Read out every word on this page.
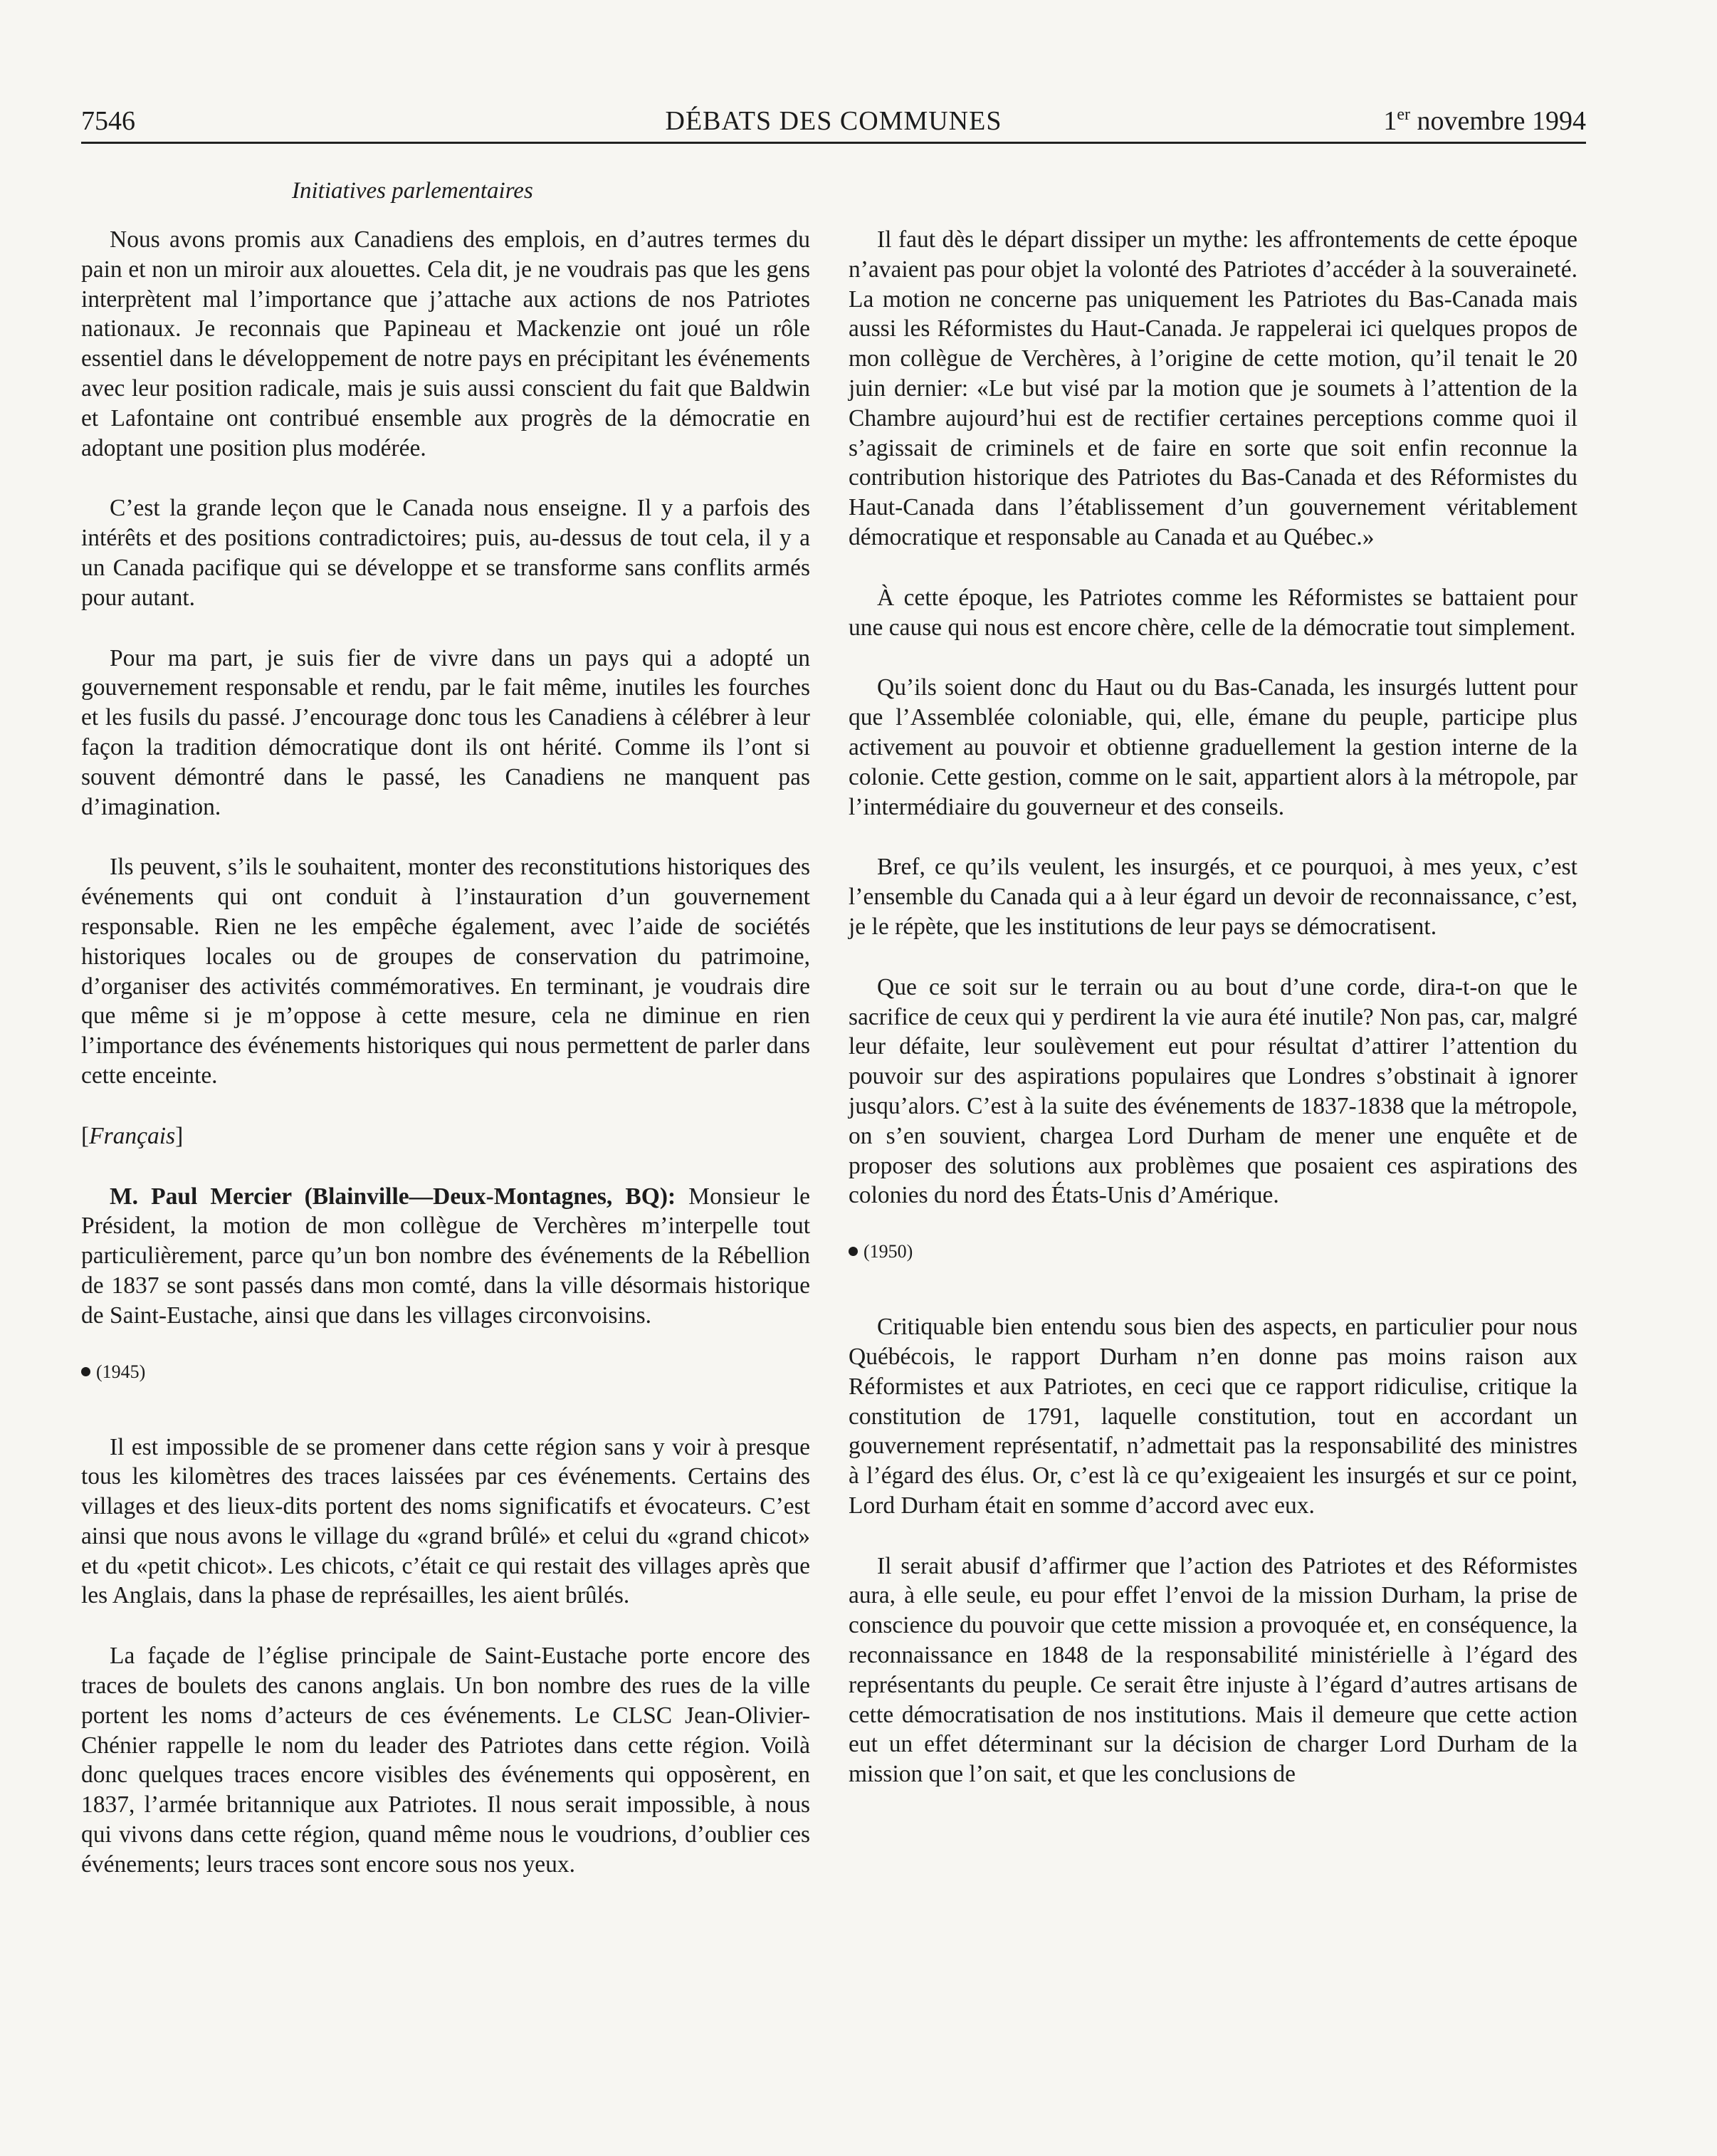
7546	DÉBATS DES COMMUNES	1er novembre 1994
Initiatives parlementaires

Nous avons promis aux Canadiens des emplois, en d’autres termes du pain et non un miroir aux alouettes. Cela dit, je ne voudrais pas que les gens interprètent mal l’importance que j’attache aux actions de nos Patriotes nationaux. Je reconnais que Papineau et Mackenzie ont joué un rôle essentiel dans le développement de notre pays en précipitant les événements avec leur position radicale, mais je suis aussi conscient du fait que Baldwin et Lafontaine ont contribué ensemble aux progrès de la démocratie en adoptant une position plus modérée.

C’est la grande leçon que le Canada nous enseigne. Il y a parfois des intérêts et des positions contradictoires; puis, au-dessus de tout cela, il y a un Canada pacifique qui se développe et se transforme sans conflits armés pour autant.

Pour ma part, je suis fier de vivre dans un pays qui a adopté un gouvernement responsable et rendu, par le fait même, inutiles les fourches et les fusils du passé. J’encourage donc tous les Canadiens à célébrer à leur façon la tradition démocratique dont ils ont hérité. Comme ils l’ont si souvent démontré dans le passé, les Canadiens ne manquent pas d’imagination.

Ils peuvent, s’ils le souhaitent, monter des reconstitutions historiques des événements qui ont conduit à l’instauration d’un gouvernement responsable. Rien ne les empêche également, avec l’aide de sociétés historiques locales ou de groupes de conservation du patrimoine, d’organiser des activités commémoratives. En terminant, je voudrais dire que même si je m’oppose à cette mesure, cela ne diminue en rien l’importance des événements historiques qui nous permettent de parler dans cette enceinte.

[Français]

M. Paul Mercier (Blainville—Deux-Montagnes, BQ): Monsieur le Président, la motion de mon collègue de Verchères m’interpelle tout particulièrement, parce qu’un bon nombre des événements de la Rébellion de 1837 se sont passés dans mon comté, dans la ville désormais historique de Saint-Eustache, ainsi que dans les villages circonvoisins.

(1945)

Il est impossible de se promener dans cette région sans y voir à presque tous les kilomètres des traces laissées par ces événements. Certains des villages et des lieux-dits portent des noms significatifs et évocateurs. C’est ainsi que nous avons le village du «grand brûlé» et celui du «grand chicot» et du «petit chicot». Les chicots, c’était ce qui restait des villages après que les Anglais, dans la phase de représailles, les aient brûlés.

La façade de l’église principale de Saint-Eustache porte encore des traces de boulets des canons anglais. Un bon nombre des rues de la ville portent les noms d’acteurs de ces événements. Le CLSC Jean-Olivier-Chénier rappelle le nom du leader des Patriotes dans cette région. Voilà donc quelques traces encore visibles des événements qui opposèrent, en 1837, l’armée britannique aux Patriotes. Il nous serait impossible, à nous qui vivons dans cette région, quand même nous le voudrions, d’oublier ces événements; leurs traces sont encore sous nos yeux.

Il faut dès le départ dissiper un mythe: les affrontements de cette époque n’avaient pas pour objet la volonté des Patriotes d’accéder à la souveraineté. La motion ne concerne pas uniquement les Patriotes du Bas-Canada mais aussi les Réformistes du Haut-Canada. Je rappelerai ici quelques propos de mon collègue de Verchères, à l’origine de cette motion, qu’il tenait le 20 juin dernier: «Le but visé par la motion que je soumets à l’attention de la Chambre aujourd’hui est de rectifier certaines perceptions comme quoi il s’agissait de criminels et de faire en sorte que soit enfin reconnue la contribution historique des Patriotes du Bas-Canada et des Réformistes du Haut-Canada dans l’établissement d’un gouvernement véritablement démocratique et responsable au Canada et au Québec.»

À cette époque, les Patriotes comme les Réformistes se battaient pour une cause qui nous est encore chère, celle de la démocratie tout simplement.

Qu’ils soient donc du Haut ou du Bas-Canada, les insurgés luttent pour que l’Assemblée coloniable, qui, elle, émane du peuple, participe plus activement au pouvoir et obtienne graduellement la gestion interne de la colonie. Cette gestion, comme on le sait, appartient alors à la métropole, par l’intermédiaire du gouverneur et des conseils.

Bref, ce qu’ils veulent, les insurgés, et ce pourquoi, à mes yeux, c’est l’ensemble du Canada qui a à leur égard un devoir de reconnaissance, c’est, je le répète, que les institutions de leur pays se démocratisent.

Que ce soit sur le terrain ou au bout d’une corde, dira-t-on que le sacrifice de ceux qui y perdirent la vie aura été inutile? Non pas, car, malgré leur défaite, leur soulèvement eut pour résultat d’attirer l’attention du pouvoir sur des aspirations populaires que Londres s’obstinait à ignorer jusqu’alors. C’est à la suite des événements de 1837-1838 que la métropole, on s’en souvient, chargea Lord Durham de mener une enquête et de proposer des solutions aux problèmes que posaient ces aspirations des colonies du nord des États-Unis d’Amérique.

(1950)

Critiquable bien entendu sous bien des aspects, en particulier pour nous Québécois, le rapport Durham n’en donne pas moins raison aux Réformistes et aux Patriotes, en ceci que ce rapport ridiculise, critique la constitution de 1791, laquelle constitution, tout en accordant un gouvernement représentatif, n’admettait pas la responsabilité des ministres à l’égard des élus. Or, c’est là ce qu’exigeaient les insurgés et sur ce point, Lord Durham était en somme d’accord avec eux.

Il serait abusif d’affirmer que l’action des Patriotes et des Réformistes aura, à elle seule, eu pour effet l’envoi de la mission Durham, la prise de conscience du pouvoir que cette mission a provoquée et, en conséquence, la reconnaissance en 1848 de la responsabilité ministérielle à l’égard des représentants du peuple. Ce serait être injuste à l’égard d’autres artisans de cette démocratisation de nos institutions. Mais il demeure que cette action eut un effet déterminant sur la décision de charger Lord Durham de la mission que l’on sait, et que les conclusions de
